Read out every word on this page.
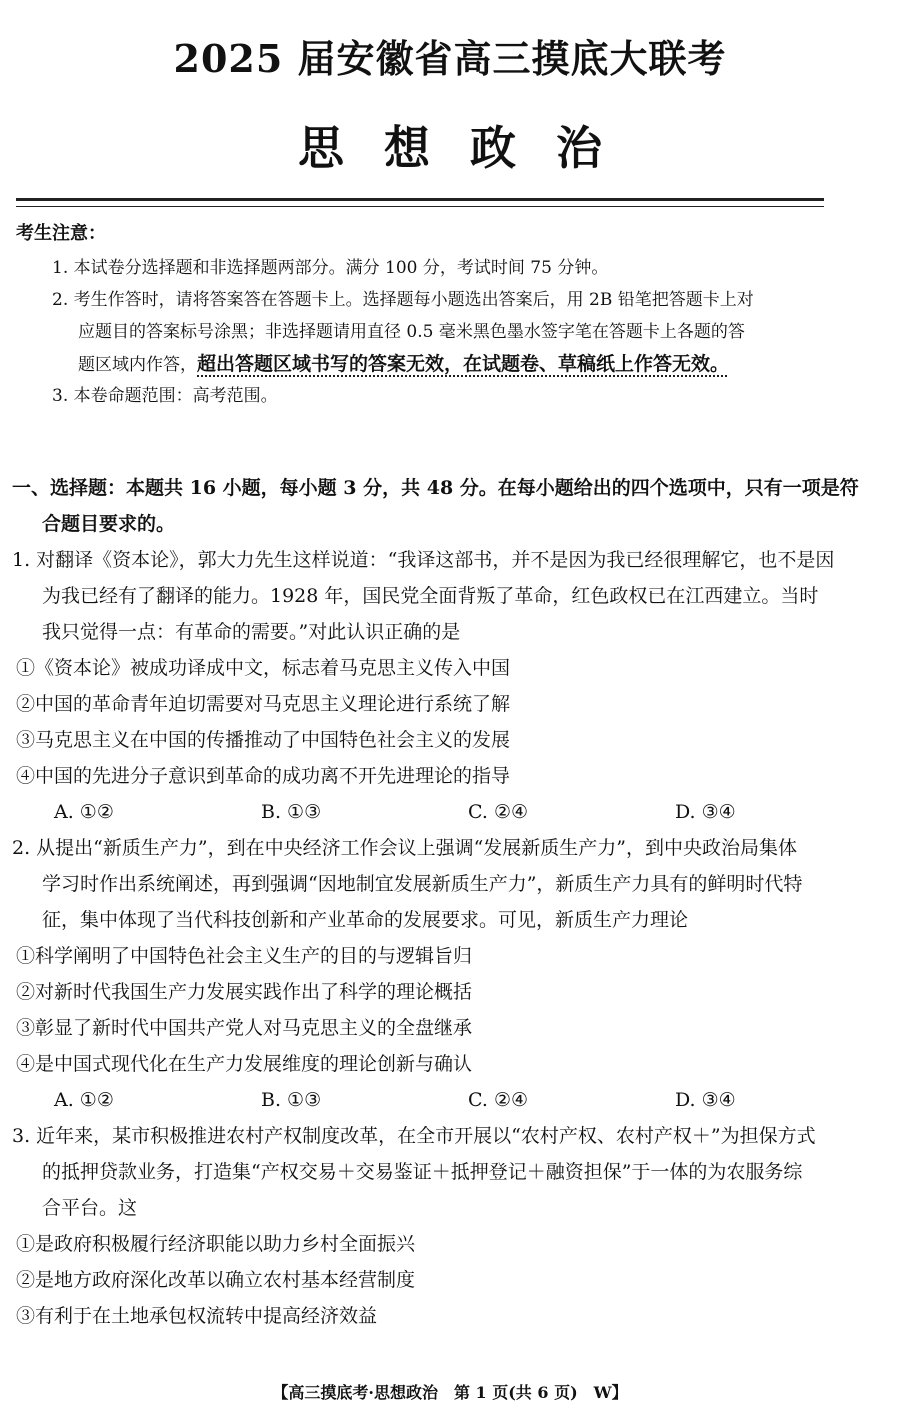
2025 届安徽省高三摸底大联考
思想政治
考生注意：
1. 本试卷分选择题和非选择题两部分。满分 100 分，考试时间 75 分钟。
2. 考生作答时，请将答案答在答题卡上。选择题每小题选出答案后，用 2B 铅笔把答题卡上对
应题目的答案标号涂黑；非选择题请用直径 0.5 毫米黑色墨水签字笔在答题卡上各题的答
题区域内作答，超出答题区域书写的答案无效，在试题卷、草稿纸上作答无效。
3. 本卷命题范围：高考范围。
一、选择题：本题共 16 小题，每小题 3 分，共 48 分。在每小题给出的四个选项中，只有一项是符
合题目要求的。
1. 对翻译《资本论》，郭大力先生这样说道：“我译这部书，并不是因为我已经很理解它，也不是因
为我已经有了翻译的能力。1928 年，国民党全面背叛了革命，红色政权已在江西建立。当时
我只觉得一点：有革命的需要。”对此认识正确的是
①《资本论》被成功译成中文，标志着马克思主义传入中国
②中国的革命青年迫切需要对马克思主义理论进行系统了解
③马克思主义在中国的传播推动了中国特色社会主义的发展
④中国的先进分子意识到革命的成功离不开先进理论的指导
A. ①②	B. ①③	C. ②④	D. ③④
2. 从提出“新质生产力”，到在中央经济工作会议上强调“发展新质生产力”，到中央政治局集体
学习时作出系统阐述，再到强调“因地制宜发展新质生产力”，新质生产力具有的鲜明时代特
征，集中体现了当代科技创新和产业革命的发展要求。可见，新质生产力理论
①科学阐明了中国特色社会主义生产的目的与逻辑旨归
②对新时代我国生产力发展实践作出了科学的理论概括
③彰显了新时代中国共产党人对马克思主义的全盘继承
④是中国式现代化在生产力发展维度的理论创新与确认
A. ①②	B. ①③	C. ②④	D. ③④
3. 近年来，某市积极推进农村产权制度改革，在全市开展以“农村产权、农村产权＋”为担保方式
的抵押贷款业务，打造集“产权交易＋交易鉴证＋抵押登记＋融资担保”于一体的为农服务综
合平台。这
①是政府积极履行经济职能以助力乡村全面振兴
②是地方政府深化改革以确立农村基本经营制度
③有利于在土地承包权流转中提高经济效益
【高三摸底考·思想政治　第 1 页(共 6 页)　W】
